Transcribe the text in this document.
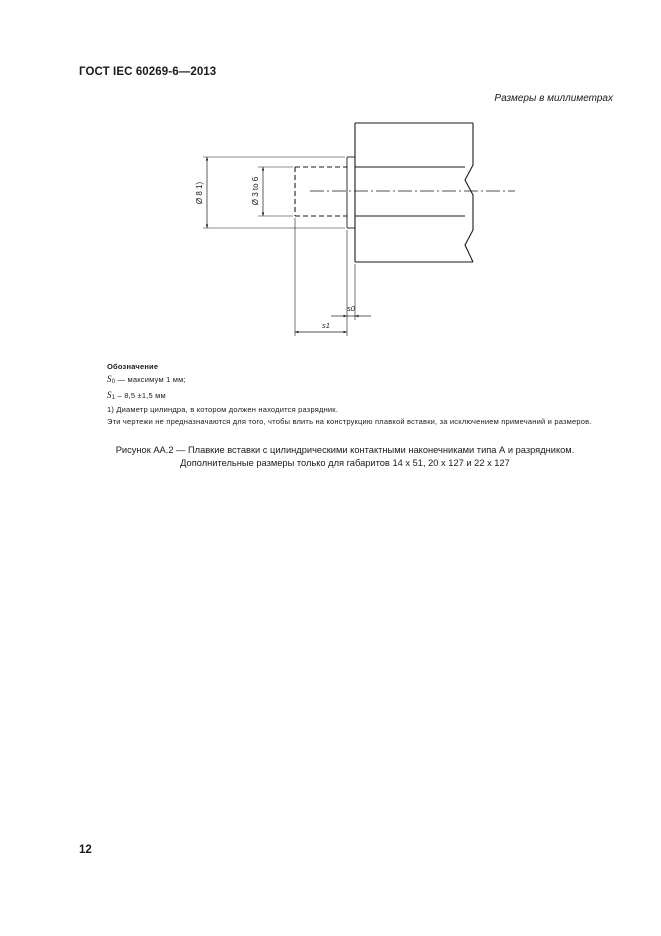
ГОСТ IEC 60269-6—2013
Размеры в миллиметрах
Ø 8 1)	Ø 3 to 6
s0
s1
Обозначение
S0 — максимум 1 мм;
S1 – 8,5 ±1,5 мм
1) Диаметр цилиндра, в котором должен находится разрядник.
Эти чертежи не предназначаются для того, чтобы влить на конструкцию плавкой вставки, за исключением примечаний и размеров.
Рисунок АА.2 — Плавкие вставки с цилиндрическими контактными наконечниками типа А и разрядником.
Дополнительные размеры только для габаритов 14 x 51, 20 x 127 и 22 x 127
12
